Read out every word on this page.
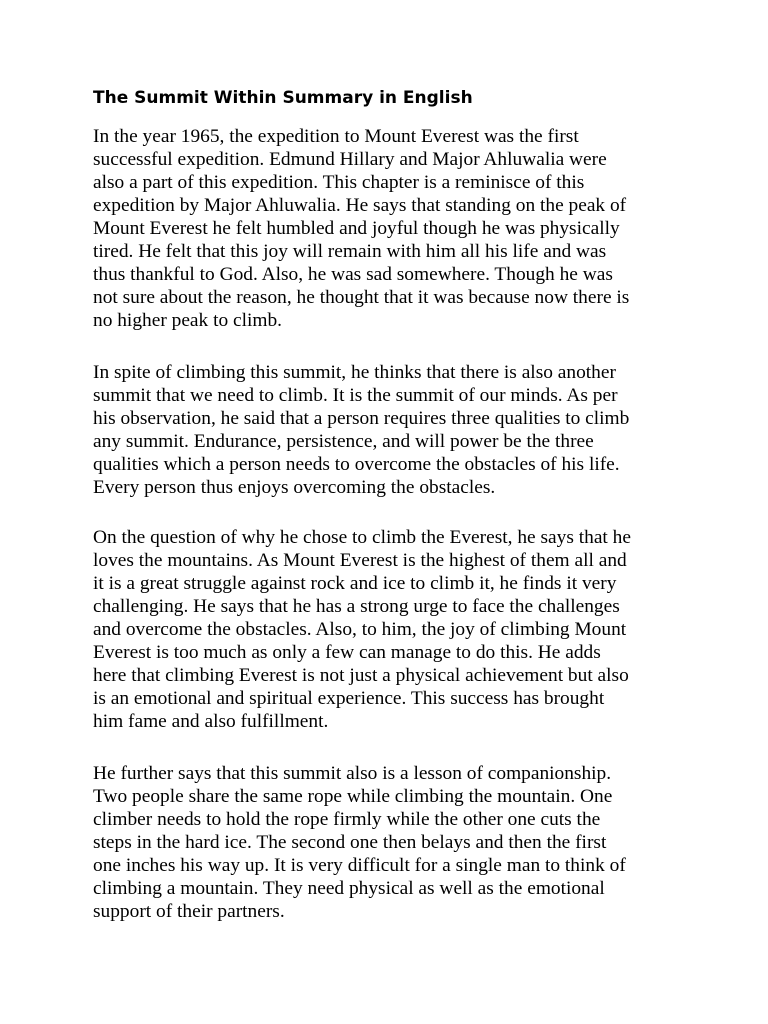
The Summit Within Summary in English

In the year 1965, the expedition to Mount Everest was the first
successful expedition. Edmund Hillary and Major Ahluwalia were
also a part of this expedition. This chapter is a reminisce of this
expedition by Major Ahluwalia. He says that standing on the peak of
Mount Everest he felt humbled and joyful though he was physically
tired. He felt that this joy will remain with him all his life and was
thus thankful to God. Also, he was sad somewhere. Though he was
not sure about the reason, he thought that it was because now there is
no higher peak to climb.

In spite of climbing this summit, he thinks that there is also another
summit that we need to climb. It is the summit of our minds. As per
his observation, he said that a person requires three qualities to climb
any summit. Endurance, persistence, and will power be the three
qualities which a person needs to overcome the obstacles of his life.
Every person thus enjoys overcoming the obstacles.

On the question of why he chose to climb the Everest, he says that he
loves the mountains. As Mount Everest is the highest of them all and
it is a great struggle against rock and ice to climb it, he finds it very
challenging. He says that he has a strong urge to face the challenges
and overcome the obstacles. Also, to him, the joy of climbing Mount
Everest is too much as only a few can manage to do this. He adds
here that climbing Everest is not just a physical achievement but also
is an emotional and spiritual experience. This success has brought
him fame and also fulfillment.

He further says that this summit also is a lesson of companionship.
Two people share the same rope while climbing the mountain. One
climber needs to hold the rope firmly while the other one cuts the
steps in the hard ice. The second one then belays and then the first
one inches his way up. It is very difficult for a single man to think of
climbing a mountain. They need physical as well as the emotional
support of their partners.
